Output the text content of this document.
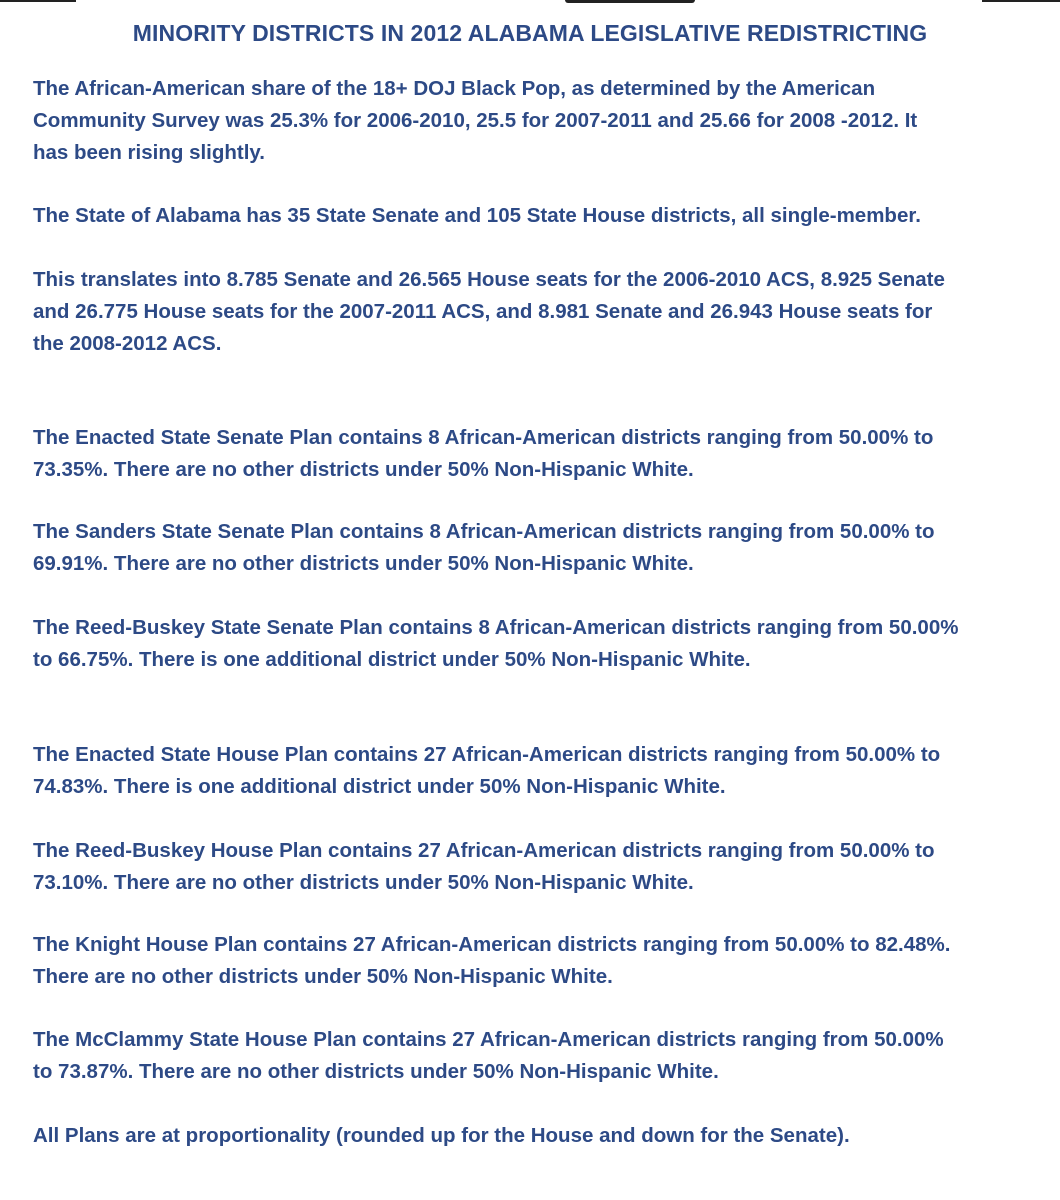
MINORITY DISTRICTS IN 2012 ALABAMA LEGISLATIVE REDISTRICTING

The African-American share of the 18+ DOJ Black Pop, as determined by the American
Community Survey was 25.3% for 2006-2010, 25.5 for 2007-2011 and 25.66 for 2008 -2012. It
has been rising slightly.

The State of Alabama has 35 State Senate and 105 State House districts, all single-member.

This translates into 8.785 Senate and 26.565 House seats for the 2006-2010 ACS, 8.925 Senate
and 26.775 House seats for the 2007-2011 ACS, and 8.981 Senate and 26.943 House seats for
the 2008-2012 ACS.

The Enacted State Senate Plan contains 8 African-American districts ranging from 50.00% to
73.35%. There are no other districts under 50% Non-Hispanic White.

The Sanders State Senate Plan contains 8 African-American districts ranging from 50.00% to
69.91%. There are no other districts under 50% Non-Hispanic White.

The Reed-Buskey State Senate Plan contains 8 African-American districts ranging from 50.00%
to 66.75%. There is one additional district under 50% Non-Hispanic White.

The Enacted State House Plan contains 27 African-American districts ranging from 50.00% to
74.83%. There is one additional district under 50% Non-Hispanic White.

The Reed-Buskey House Plan contains 27 African-American districts ranging from 50.00% to
73.10%. There are no other districts under 50% Non-Hispanic White.

The Knight House Plan contains 27 African-American districts ranging from 50.00% to 82.48%.
There are no other districts under 50% Non-Hispanic White.

The McClammy State House Plan contains 27 African-American districts ranging from 50.00%
to 73.87%. There are no other districts under 50% Non-Hispanic White.

All Plans are at proportionality (rounded up for the House and down for the Senate).
